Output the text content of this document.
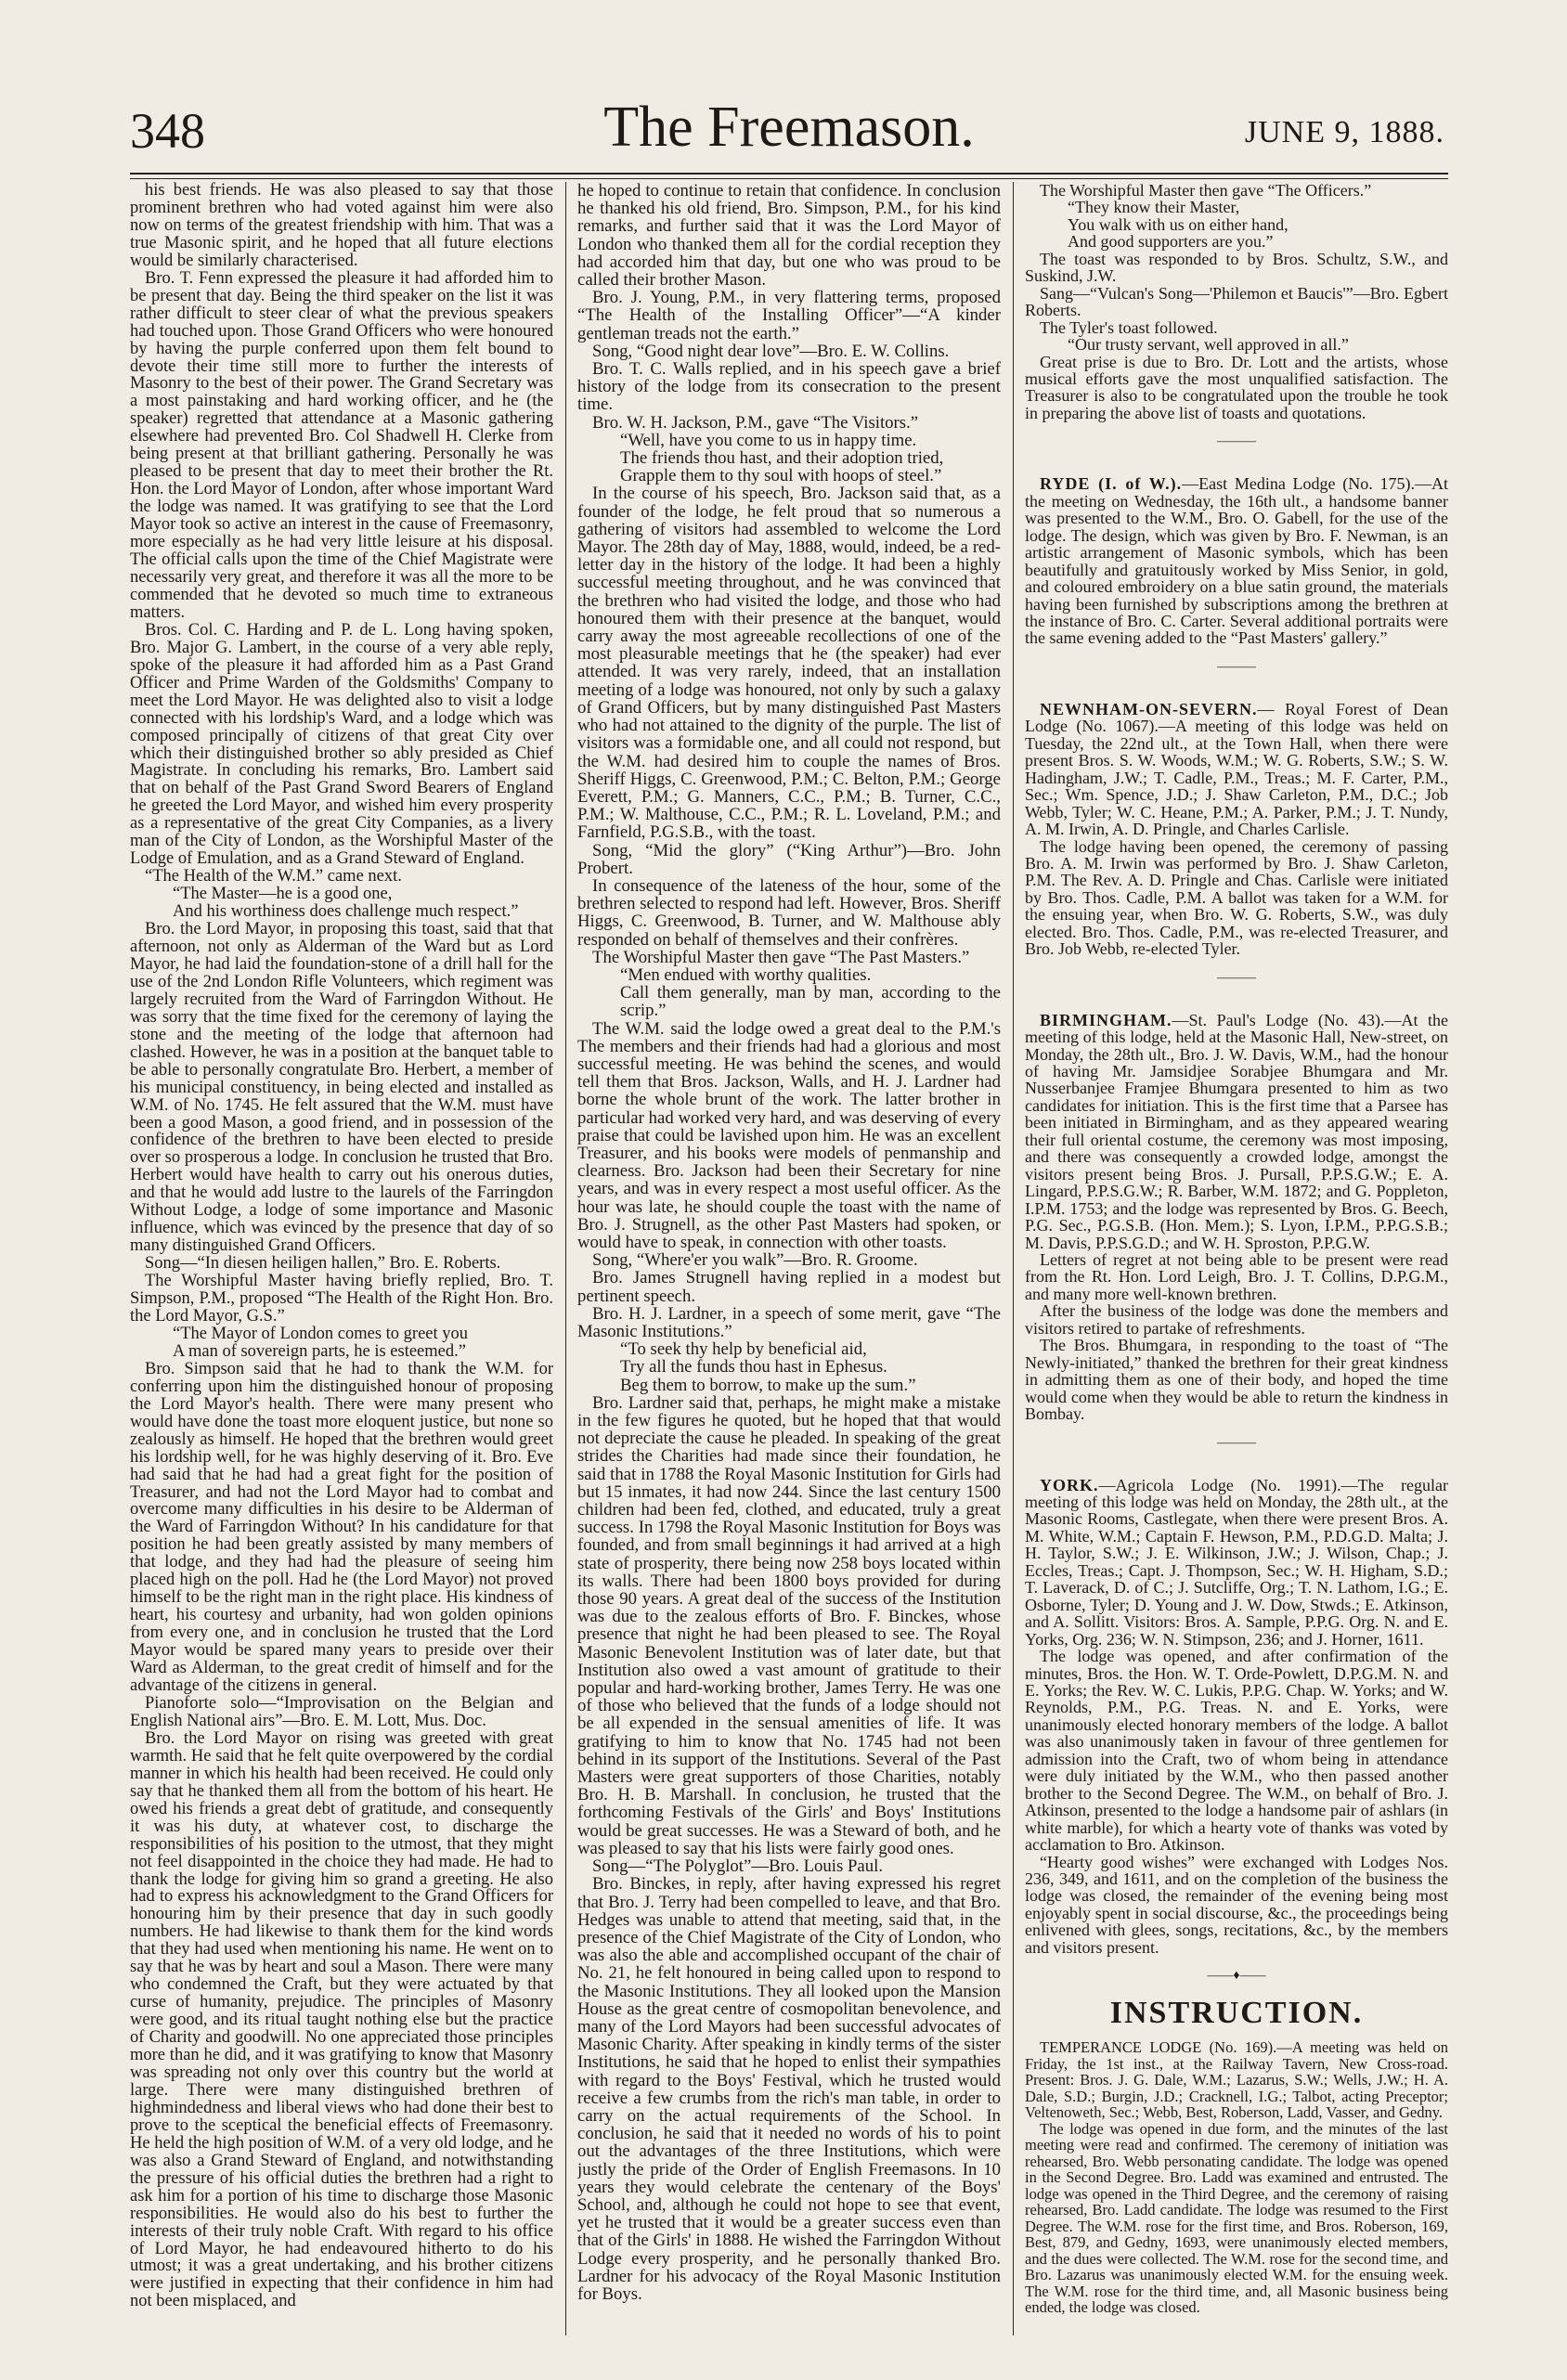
348	The Freemason.	JUNE 9, 1888.

his best friends. He was also pleased to say that those prominent brethren who had voted against him were also now on terms of the greatest friendship with him. That was a true Masonic spirit, and he hoped that all future elections would be similarly characterised.

Bro. T. Fenn expressed the pleasure it had afforded him to be present that day. Being the third speaker on the list it was rather difficult to steer clear of what the previous speakers had touched upon. Those Grand Officers who were honoured by having the purple conferred upon them felt bound to devote their time still more to further the interests of Masonry to the best of their power. The Grand Secretary was a most painstaking and hard working officer, and he (the speaker) regretted that attendance at a Masonic gathering elsewhere had prevented Bro. Col Shadwell H. Clerke from being present at that brilliant gathering. Personally he was pleased to be present that day to meet their brother the Rt. Hon. the Lord Mayor of London, after whose important Ward the lodge was named. It was gratifying to see that the Lord Mayor took so active an interest in the cause of Freemasonry, more especially as he had very little leisure at his disposal. The official calls upon the time of the Chief Magistrate were necessarily very great, and therefore it was all the more to be commended that he devoted so much time to extraneous matters.

Bros. Col. C. Harding and P. de L. Long having spoken, Bro. Major G. Lambert, in the course of a very able reply, spoke of the pleasure it had afforded him as a Past Grand Officer and Prime Warden of the Goldsmiths' Company to meet the Lord Mayor. He was delighted also to visit a lodge connected with his lordship's Ward, and a lodge which was composed principally of citizens of that great City over which their distinguished brother so ably presided as Chief Magistrate. In concluding his remarks, Bro. Lambert said that on behalf of the Past Grand Sword Bearers of England he greeted the Lord Mayor, and wished him every prosperity as a representative of the great City Companies, as a livery man of the City of London, as the Worshipful Master of the Lodge of Emulation, and as a Grand Steward of England.

“The Health of the W.M.” came next.

“The Master—he is a good one,

And his worthiness does challenge much respect.”

Bro. the Lord Mayor, in proposing this toast, said that that afternoon, not only as Alderman of the Ward but as Lord Mayor, he had laid the foundation-stone of a drill hall for the use of the 2nd London Rifle Volunteers, which regiment was largely recruited from the Ward of Farringdon Without. He was sorry that the time fixed for the ceremony of laying the stone and the meeting of the lodge that afternoon had clashed. However, he was in a position at the banquet table to be able to personally congratulate Bro. Herbert, a member of his municipal constituency, in being elected and installed as W.M. of No. 1745. He felt assured that the W.M. must have been a good Mason, a good friend, and in possession of the confidence of the brethren to have been elected to preside over so prosperous a lodge. In conclusion he trusted that Bro. Herbert would have health to carry out his onerous duties, and that he would add lustre to the laurels of the Farringdon Without Lodge, a lodge of some importance and Masonic influence, which was evinced by the presence that day of so many distinguished Grand Officers.

Song—“In diesen heiligen hallen,” Bro. E. Roberts.

The Worshipful Master having briefly replied, Bro. T. Simpson, P.M., proposed “The Health of the Right Hon. Bro. the Lord Mayor, G.S.”

“The Mayor of London comes to greet you

A man of sovereign parts, he is esteemed.”

Bro. Simpson said that he had to thank the W.M. for conferring upon him the distinguished honour of proposing the Lord Mayor's health. There were many present who would have done the toast more eloquent justice, but none so zealously as himself. He hoped that the brethren would greet his lordship well, for he was highly deserving of it. Bro. Eve had said that he had had a great fight for the position of Treasurer, and had not the Lord Mayor had to combat and overcome many difficulties in his desire to be Alderman of the Ward of Farringdon Without? In his candidature for that position he had been greatly assisted by many members of that lodge, and they had had the pleasure of seeing him placed high on the poll. Had he (the Lord Mayor) not proved himself to be the right man in the right place. His kindness of heart, his courtesy and urbanity, had won golden opinions from every one, and in conclusion he trusted that the Lord Mayor would be spared many years to preside over their Ward as Alderman, to the great credit of himself and for the advantage of the citizens in general.

Pianoforte solo—“Improvisation on the Belgian and English National airs”—Bro. E. M. Lott, Mus. Doc.

Bro. the Lord Mayor on rising was greeted with great warmth. He said that he felt quite overpowered by the cordial manner in which his health had been received. He could only say that he thanked them all from the bottom of his heart. He owed his friends a great debt of gratitude, and consequently it was his duty, at whatever cost, to discharge the responsibilities of his position to the utmost, that they might not feel disappointed in the choice they had made. He had to thank the lodge for giving him so grand a greeting. He also had to express his acknowledgment to the Grand Officers for honouring him by their presence that day in such goodly numbers. He had likewise to thank them for the kind words that they had used when mentioning his name. He went on to say that he was by heart and soul a Mason. There were many who condemned the Craft, but they were actuated by that curse of humanity, prejudice. The principles of Masonry were good, and its ritual taught nothing else but the practice of Charity and goodwill. No one appreciated those principles more than he did, and it was gratifying to know that Masonry was spreading not only over this country but the world at large. There were many distinguished brethren of highmindedness and liberal views who had done their best to prove to the sceptical the beneficial effects of Freemasonry. He held the high position of W.M. of a very old lodge, and he was also a Grand Steward of England, and notwithstanding the pressure of his official duties the brethren had a right to ask him for a portion of his time to discharge those Masonic responsibilities. He would also do his best to further the interests of their truly noble Craft. With regard to his office of Lord Mayor, he had endeavoured hitherto to do his utmost; it was a great undertaking, and his brother citizens were justified in expecting that their confidence in him had not been misplaced, and

he hoped to continue to retain that confidence. In conclusion he thanked his old friend, Bro. Simpson, P.M., for his kind remarks, and further said that it was the Lord Mayor of London who thanked them all for the cordial reception they had accorded him that day, but one who was proud to be called their brother Mason.

Bro. J. Young, P.M., in very flattering terms, proposed “The Health of the Installing Officer”—“A kinder gentleman treads not the earth.”

Song, “Good night dear love”—Bro. E. W. Collins.

Bro. T. C. Walls replied, and in his speech gave a brief history of the lodge from its consecration to the present time.

Bro. W. H. Jackson, P.M., gave “The Visitors.”

“Well, have you come to us in happy time.

The friends thou hast, and their adoption tried,

Grapple them to thy soul with hoops of steel.”

In the course of his speech, Bro. Jackson said that, as a founder of the lodge, he felt proud that so numerous a gathering of visitors had assembled to welcome the Lord Mayor. The 28th day of May, 1888, would, indeed, be a red-letter day in the history of the lodge. It had been a highly successful meeting throughout, and he was convinced that the brethren who had visited the lodge, and those who had honoured them with their presence at the banquet, would carry away the most agreeable recollections of one of the most pleasurable meetings that he (the speaker) had ever attended. It was very rarely, indeed, that an installation meeting of a lodge was honoured, not only by such a galaxy of Grand Officers, but by many distinguished Past Masters who had not attained to the dignity of the purple. The list of visitors was a formidable one, and all could not respond, but the W.M. had desired him to couple the names of Bros. Sheriff Higgs, C. Greenwood, P.M.; C. Belton, P.M.; George Everett, P.M.; G. Manners, C.C., P.M.; B. Turner, C.C., P.M.; W. Malthouse, C.C., P.M.; R. L. Loveland, P.M.; and Farnfield, P.G.S.B., with the toast.

Song, “Mid the glory” (“King Arthur”)—Bro. John Probert.

In consequence of the lateness of the hour, some of the brethren selected to respond had left. However, Bros. Sheriff Higgs, C. Greenwood, B. Turner, and W. Malthouse ably responded on behalf of themselves and their confrères.

The Worshipful Master then gave “The Past Masters.”

“Men endued with worthy qualities.

Call them generally, man by man, according to the scrip.”

The W.M. said the lodge owed a great deal to the P.M.'s The members and their friends had had a glorious and most successful meeting. He was behind the scenes, and would tell them that Bros. Jackson, Walls, and H. J. Lardner had borne the whole brunt of the work. The latter brother in particular had worked very hard, and was deserving of every praise that could be lavished upon him. He was an excellent Treasurer, and his books were models of penmanship and clearness. Bro. Jackson had been their Secretary for nine years, and was in every respect a most useful officer. As the hour was late, he should couple the toast with the name of Bro. J. Strugnell, as the other Past Masters had spoken, or would have to speak, in connection with other toasts.

Song, “Where'er you walk”—Bro. R. Groome.

Bro. James Strugnell having replied in a modest but pertinent speech.

Bro. H. J. Lardner, in a speech of some merit, gave “The Masonic Institutions.”

“To seek thy help by beneficial aid,

Try all the funds thou hast in Ephesus.

Beg them to borrow, to make up the sum.”

Bro. Lardner said that, perhaps, he might make a mistake in the few figures he quoted, but he hoped that that would not depreciate the cause he pleaded. In speaking of the great strides the Charities had made since their foundation, he said that in 1788 the Royal Masonic Institution for Girls had but 15 inmates, it had now 244. Since the last century 1500 children had been fed, clothed, and educated, truly a great success. In 1798 the Royal Masonic Institution for Boys was founded, and from small beginnings it had arrived at a high state of prosperity, there being now 258 boys located within its walls. There had been 1800 boys provided for during those 90 years. A great deal of the success of the Institution was due to the zealous efforts of Bro. F. Binckes, whose presence that night he had been pleased to see. The Royal Masonic Benevolent Institution was of later date, but that Institution also owed a vast amount of gratitude to their popular and hard-working brother, James Terry. He was one of those who believed that the funds of a lodge should not be all expended in the sensual amenities of life. It was gratifying to him to know that No. 1745 had not been behind in its support of the Institutions. Several of the Past Masters were great supporters of those Charities, notably Bro. H. B. Marshall. In conclusion, he trusted that the forthcoming Festivals of the Girls' and Boys' Institutions would be great successes. He was a Steward of both, and he was pleased to say that his lists were fairly good ones.

Song—“The Polyglot”—Bro. Louis Paul.

Bro. Binckes, in reply, after having expressed his regret that Bro. J. Terry had been compelled to leave, and that Bro. Hedges was unable to attend that meeting, said that, in the presence of the Chief Magistrate of the City of London, who was also the able and accomplished occupant of the chair of No. 21, he felt honoured in being called upon to respond to the Masonic Institutions. They all looked upon the Mansion House as the great centre of cosmopolitan benevolence, and many of the Lord Mayors had been successful advocates of Masonic Charity. After speaking in kindly terms of the sister Institutions, he said that he hoped to enlist their sympathies with regard to the Boys' Festival, which he trusted would receive a few crumbs from the rich's man table, in order to carry on the actual requirements of the School. In conclusion, he said that it needed no words of his to point out the advantages of the three Institutions, which were justly the pride of the Order of English Freemasons. In 10 years they would celebrate the centenary of the Boys' School, and, although he could not hope to see that event, yet he trusted that it would be a greater success even than that of the Girls' in 1888. He wished the Farringdon Without Lodge every prosperity, and he personally thanked Bro. Lardner for his advocacy of the Royal Masonic Institution for Boys.

The Worshipful Master then gave “The Officers.”

“They know their Master,

You walk with us on either hand,

And good supporters are you.”

The toast was responded to by Bros. Schultz, S.W., and Suskind, J.W.

Sang—“Vulcan's Song—'Philemon et Baucis'”—Bro. Egbert Roberts.

The Tyler's toast followed.

“Our trusty servant, well approved in all.”

Great prise is due to Bro. Dr. Lott and the artists, whose musical efforts gave the most unqualified satisfaction. The Treasurer is also to be congratulated upon the trouble he took in preparing the above list of toasts and quotations.

———

RYDE (I. of W.).—East Medina Lodge (No. 175).—At the meeting on Wednesday, the 16th ult., a handsome banner was presented to the W.M., Bro. O. Gabell, for the use of the lodge. The design, which was given by Bro. F. Newman, is an artistic arrangement of Masonic symbols, which has been beautifully and gratuitously worked by Miss Senior, in gold, and coloured embroidery on a blue satin ground, the materials having been furnished by subscriptions among the brethren at the instance of Bro. C. Carter. Several additional portraits were the same evening added to the “Past Masters' gallery.”

———

NEWNHAM-ON-SEVERN.— Royal Forest of Dean Lodge (No. 1067).—A meeting of this lodge was held on Tuesday, the 22nd ult., at the Town Hall, when there were present Bros. S. W. Woods, W.M.; W. G. Roberts, S.W.; S. W. Hadingham, J.W.; T. Cadle, P.M., Treas.; M. F. Carter, P.M., Sec.; Wm. Spence, J.D.; J. Shaw Carleton, P.M., D.C.; Job Webb, Tyler; W. C. Heane, P.M.; A. Parker, P.M.; J. T. Nundy, A. M. Irwin, A. D. Pringle, and Charles Carlisle.

The lodge having been opened, the ceremony of passing Bro. A. M. Irwin was performed by Bro. J. Shaw Carleton, P.M. The Rev. A. D. Pringle and Chas. Carlisle were initiated by Bro. Thos. Cadle, P.M. A ballot was taken for a W.M. for the ensuing year, when Bro. W. G. Roberts, S.W., was duly elected. Bro. Thos. Cadle, P.M., was re-elected Treasurer, and Bro. Job Webb, re-elected Tyler.

———

BIRMINGHAM.—St. Paul's Lodge (No. 43).—At the meeting of this lodge, held at the Masonic Hall, New-street, on Monday, the 28th ult., Bro. J. W. Davis, W.M., had the honour of having Mr. Jamsidjee Sorabjee Bhumgara and Mr. Nusserbanjee Framjee Bhumgara presented to him as two candidates for initiation. This is the first time that a Parsee has been initiated in Birmingham, and as they appeared wearing their full oriental costume, the ceremony was most imposing, and there was consequently a crowded lodge, amongst the visitors present being Bros. J. Pursall, P.P.S.G.W.; E. A. Lingard, P.P.S.G.W.; R. Barber, W.M. 1872; and G. Poppleton, I.P.M. 1753; and the lodge was represented by Bros. G. Beech, P.G. Sec., P.G.S.B. (Hon. Mem.); S. Lyon, I.P.M., P.P.G.S.B.; M. Davis, P.P.S.G.D.; and W. H. Sproston, P.P.G.W.

Letters of regret at not being able to be present were read from the Rt. Hon. Lord Leigh, Bro. J. T. Collins, D.P.G.M., and many more well-known brethren.

After the business of the lodge was done the members and visitors retired to partake of refreshments.

The Bros. Bhumgara, in responding to the toast of “The Newly-initiated,” thanked the brethren for their great kindness in admitting them as one of their body, and hoped the time would come when they would be able to return the kindness in Bombay.

———

YORK.—Agricola Lodge (No. 1991).—The regular meeting of this lodge was held on Monday, the 28th ult., at the Masonic Rooms, Castlegate, when there were present Bros. A. M. White, W.M.; Captain F. Hewson, P.M., P.D.G.D. Malta; J. H. Taylor, S.W.; J. E. Wilkinson, J.W.; J. Wilson, Chap.; J. Eccles, Treas.; Capt. J. Thompson, Sec.; W. H. Higham, S.D.; T. Laverack, D. of C.; J. Sutcliffe, Org.; T. N. Lathom, I.G.; E. Osborne, Tyler; D. Young and J. W. Dow, Stwds.; E. Atkinson, and A. Sollitt. Visitors: Bros. A. Sample, P.P.G. Org. N. and E. Yorks, Org. 236; W. N. Stimpson, 236; and J. Horner, 1611.

The lodge was opened, and after confirmation of the minutes, Bros. the Hon. W. T. Orde-Powlett, D.P.G.M. N. and E. Yorks; the Rev. W. C. Lukis, P.P.G. Chap. W. Yorks; and W. Reynolds, P.M., P.G. Treas. N. and E. Yorks, were unanimously elected honorary members of the lodge. A ballot was also unanimously taken in favour of three gentlemen for admission into the Craft, two of whom being in attendance were duly initiated by the W.M., who then passed another brother to the Second Degree. The W.M., on behalf of Bro. J. Atkinson, presented to the lodge a handsome pair of ashlars (in white marble), for which a hearty vote of thanks was voted by acclamation to Bro. Atkinson.

“Hearty good wishes” were exchanged with Lodges Nos. 236, 349, and 1611, and on the completion of the business the lodge was closed, the remainder of the evening being most enjoyably spent in social discourse, &c., the proceedings being enlivened with glees, songs, recitations, &c., by the members and visitors present.

——♦——
INSTRUCTION.

TEMPERANCE LODGE (No. 169).—A meeting was held on Friday, the 1st inst., at the Railway Tavern, New Cross-road. Present: Bros. J. G. Dale, W.M.; Lazarus, S.W.; Wells, J.W.; H. A. Dale, S.D.; Burgin, J.D.; Cracknell, I.G.; Talbot, acting Preceptor; Veltenoweth, Sec.; Webb, Best, Roberson, Ladd, Vasser, and Gedny.

The lodge was opened in due form, and the minutes of the last meeting were read and confirmed. The ceremony of initiation was rehearsed, Bro. Webb personating candidate. The lodge was opened in the Second Degree. Bro. Ladd was examined and entrusted. The lodge was opened in the Third Degree, and the ceremony of raising rehearsed, Bro. Ladd candidate. The lodge was resumed to the First Degree. The W.M. rose for the first time, and Bros. Roberson, 169, Best, 879, and Gedny, 1693, were unanimously elected members, and the dues were collected. The W.M. rose for the second time, and Bro. Lazarus was unanimously elected W.M. for the ensuing week. The W.M. rose for the third time, and, all Masonic business being ended, the lodge was closed.
